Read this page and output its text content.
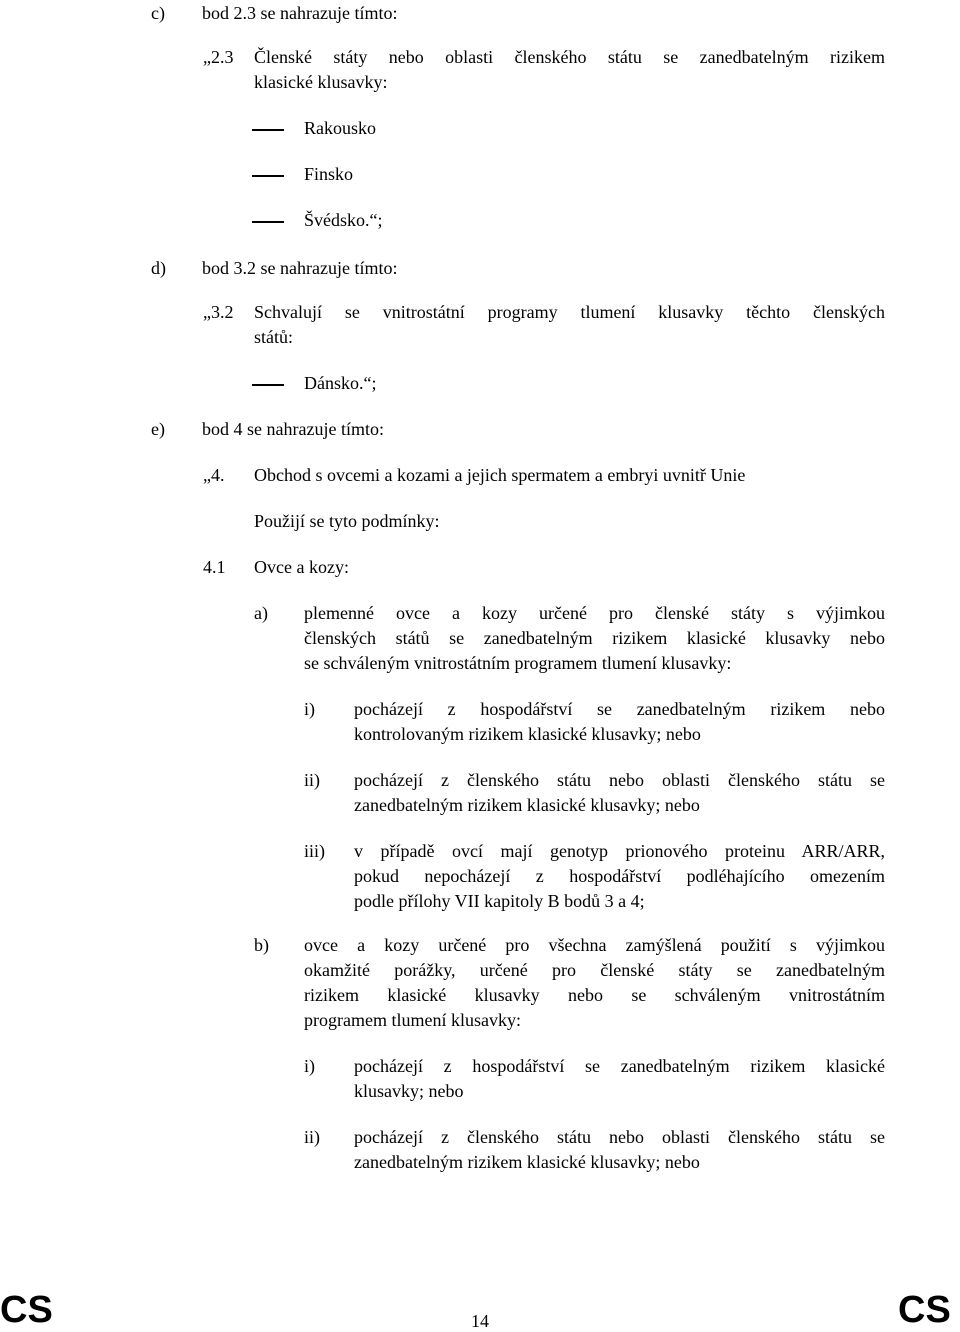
c) bod 2.3 se nahrazuje tímto:
„2.3 Členské státy nebo oblasti členského státu se zanedbatelným rizikem
klasické klusavky:
Rakousko
Finsko
Švédsko.“;
d) bod 3.2 se nahrazuje tímto:
„3.2 Schvalují se vnitrostátní programy tlumení klusavky těchto členských
států:
Dánsko.“;
e) bod 4 se nahrazuje tímto:
„4. Obchod s ovcemi a kozami a jejich spermatem a embryi uvnitř Unie
Použijí se tyto podmínky:
4.1 Ovce a kozy:
a) plemenné ovce a kozy určené pro členské státy s výjimkou
členských států se zanedbatelným rizikem klasické klusavky nebo
se schváleným vnitrostátním programem tlumení klusavky:
i) pocházejí z hospodářství se zanedbatelným rizikem nebo
kontrolovaným rizikem klasické klusavky; nebo
ii) pocházejí z členského státu nebo oblasti členského státu se
zanedbatelným rizikem klasické klusavky; nebo
iii) v případě ovcí mají genotyp prionového proteinu ARR/ARR,
pokud nepocházejí z hospodářství podléhajícího omezením
podle přílohy VII kapitoly B bodů 3 a 4;
b) ovce a kozy určené pro všechna zamýšlená použití s výjimkou
okamžité porážky, určené pro členské státy se zanedbatelným
rizikem klasické klusavky nebo se schváleným vnitrostátním
programem tlumení klusavky:
i) pocházejí z hospodářství se zanedbatelným rizikem klasické
klusavky; nebo
ii) pocházejí z členského státu nebo oblasti členského státu se
zanedbatelným rizikem klasické klusavky; nebo
CS	14	CS
